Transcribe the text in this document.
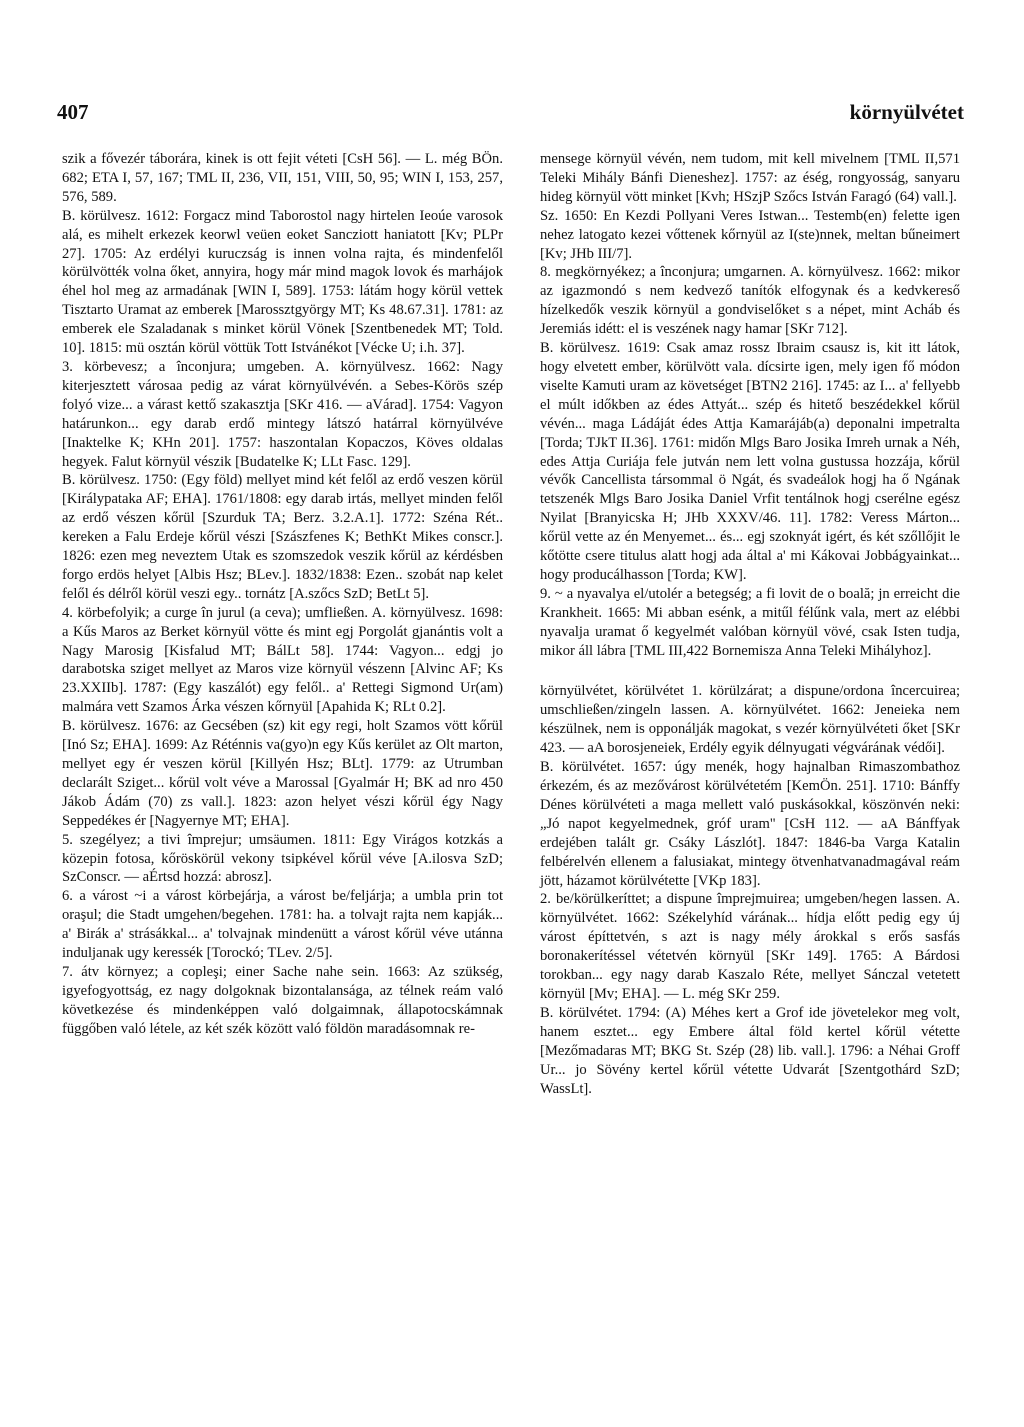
407	környülvétet

szik a fővezér táborára, kinek is ott fejit véteti [CsH 56]. — L. még BÖn. 682; ETA I, 57, 167; TML II, 236, VII, 151, VIII, 50, 95; WIN I, 153, 257, 576, 589.

B. körülvesz. 1612: Forgacz mind Taborostol nagy hirtelen Ieoúe varosok alá, es mihelt erkezek keorwl veüen eoket Sancziott haniatott [Kv; PLPr 27]. 1705: Az erdélyi kuruczság is innen volna rajta, és mindenfelől körülvötték volna őket, annyira, hogy már mind magok lovok és marhájok éhel hol meg az armadának [WIN I, 589]. 1753: látám hogy körül vettek Tisztarto Uramat az emberek [Marossztgyörgy MT; Ks 48.67.31]. 1781: az emberek ele Szaladanak s minket körül Vönek [Szentbenedek MT; Told. 10]. 1815: mü osztán körül vöttük Tott Istvánékot [Vécke U; i.h. 37].

3. körbevesz; a înconjura; umgeben. A. környülvesz. 1662: Nagy kiterjesztett városaa pedig az várat környülvévén. a Sebes-Körös szép folyó vize... a várast kettő szakasztja [SKr 416. — aVárad]. 1754: Vagyon határunkon... egy darab erdő mintegy látszó határral környülvéve [Inaktelke K; KHn 201]. 1757: haszontalan Kopaczos, Köves oldalas hegyek. Falut környül vészik [Budatelke K; LLt Fasc. 129].

B. körülvesz. 1750: (Egy föld) mellyet mind két felől az erdő veszen körül [Királypataka AF; EHA]. 1761/1808: egy darab irtás, mellyet minden felől az erdő vészen kőrül [Szurduk TA; Berz. 3.2.A.1]. 1772: Széna Rét.. kereken a Falu Erdeje kőrül vészi [Szászfenes K; BethKt Mikes conscr.]. 1826: ezen meg neveztem Utak es szomszedok veszik kőrül az kérdésben forgo erdös helyet [Albis Hsz; BLev.]. 1832/1838: Ezen.. szobát nap kelet felől és délről körül veszi egy.. tornátz [A.szőcs SzD; BetLt 5].

4. körbefolyik; a curge în jurul (a ceva); umfließen. A. környülvesz. 1698: a Kűs Maros az Berket környül vötte és mint egj Porgolát gjanántis volt a Nagy Marosig [Kisfalud MT; BálLt 58]. 1744: Vagyon... edgj jo darabotska sziget mellyet az Maros vize környül vészenn [Alvinc AF; Ks 23.XXIIb]. 1787: (Egy kaszálót) egy felől.. a' Rettegi Sigmond Ur(am) malmára vett Szamos Árka vészen kőrnyül [Apahida K; RLt 0.2].

B. körülvesz. 1676: az Gecsében (sz) kit egy regi, holt Szamos vött kőrül [Inó Sz; EHA]. 1699: Az Réténnis va(gyo)n egy Kűs kerület az Olt marton, mellyet egy ér veszen körül [Killyén Hsz; BLt]. 1779: az Utrumban declarált Sziget... kőrül volt véve a Marossal [Gyalmár H; BK ad nro 450 Jákob Ádám (70) zs vall.]. 1823: azon helyet vészi kőrül égy Nagy Seppedékes ér [Nagyernye MT; EHA].

5. szegélyez; a tivi împrejur; umsäumen. 1811: Egy Virágos kotzkás a közepin fotosa, kőröskörül vekony tsipkével kőrül véve [A.ilosva SzD; SzConscr. — aÉrtsd hozzá: abrosz].

6. a várost ~i a várost körbejárja, a várost be/feljárja; a umbla prin tot oraşul; die Stadt umgehen/begehen. 1781: ha. a tolvajt rajta nem kapják... a' Birák a' strásákkal... a' tolvajnak mindenütt a várost kőrül vévе utánna induljanak ugy keressék [Torockó; TLev. 2/5].

7. átv környez; a copleşi; einer Sache nahe sein. 1663: Az szükség, igyefogyottság, ez nagy dolgoknak bizontalansága, az télnek reám való következése és mindenképpen való dolgaimnak, állapotocskámnak függőben való lételе, az két szék között való földön maradásomnak re-

mensege környül vévén, nem tudom, mit kell mivelnem [TML II,571 Teleki Mihály Bánfi Dieneshez]. 1757: az éség, rongyosság, sanyaru hideg környül vött minket [Kvh; HSzjP Szőcs István Faragó (64) vall.].

Sz. 1650: En Kezdi Pollyani Veres Istwan... Testemb(en) felette igen nehez latogato kezei vőttenek kőrnyül az I(ste)nnek, meltan bűneimert [Kv; JHb III/7].

8. megkörnyékez; a înconjura; umgarnen. A. környülvesz. 1662: mikor az igazmondó s nem kedvező tanítók elfogynak és a kedvkereső hízelkedők veszik környül a gondviselőket s a népet, mint Acháb és Jeremiás idétt: el is veszének nagy hamar [SKr 712].

B. körülvesz. 1619: Csak amaz rossz Ibraim csausz is, kit itt látok, hogy elvetett ember, körülvött vala. dícsirte igen, mely igen fő módon viselte Kamuti uram az követséget [BTN2 216]. 1745: az I... a' fellyebb el múlt időkben az édes Attyát... szép és hitető beszédekkel kőrül vévén... maga Ládáját édes Attja Kamarájáb(a) deponalni impetralta [Torda; TJkT II.36]. 1761: midőn Mlgs Baro Josika Imreh urnak a Néh, edes Attja Curiája fele jutván nem lett volna gustussa hozzája, kőrül vévők Cancellista társommal ö Ngát, és svadeálok hogj ha ő Ngának tetszenék Mlgs Baro Josika Daniel Vrfit tentálnok hogj cserélne egész Nyilat [Branyicska H; JHb XXXV/46. 11]. 1782: Veress Márton... kőrül vette az én Menyemet... és... egj szoknyát igért, és két szőllőjit le kőtötte csere titulus alatt hogj ada által a' mi Kákovai Jobbágyainkat... hogy producálhasson [Torda; KW].

9. ~ a nyavalya el/utolér a betegség; a fi lovit de o boală; jn erreicht die Krankheit. 1665: Mi abban esénk, a mitűl félűnk vala, mert az elébbi nyavalja uramat ő kegyelmét valóban környül vövé, csak Isten tudja, mikor áll lábra [TML III,422 Bornemisza Anna Teleki Mihályhoz].

környülvétet, körülvétet 1. körülzárat; a dispune/ordona încercuirea; umschließen/zingeln lassen. A. környülvétet. 1662: Jeneieka nem készülnek, nem is opponálják magokat, s vezér környülvéteti őket [SKr 423. — aA borosjeneiek, Erdély egyik délnyugati végvárának védői].

B. körülvétet. 1657: úgy menék, hogy hajnalban Rimaszombathoz érkezém, és az mezővárost körülvétetém [KemÖn. 251]. 1710: Bánffy Dénes körülvéteti a maga mellett való puskásokkal, köszönvén neki: „Jó napot kegyelmednek, gróf uram" [CsH 112. — aA Bánffyak erdejében talált gr. Csáky Lászlót]. 1847: 1846-ba Varga Katalin felbérelvén ellenem a falusiakat, mintegy ötvenhatvanadmagával reám jött, házamot körülvétette [VKp 183].

2. be/körülkeríttet; a dispune împrejmuirea; umgeben/hegen lassen. A. környülvétet. 1662: Székelyhíd várának... hídja előtt pedig egy új várost építtetvén, s azt is nagy mély árokkal s erős sasfás boronakerítéssel vétetvén környül [SKr 149]. 1765: A Bárdosi torokban... egy nagy darab Kaszalo Réte, mellyet Sánczal vetetett környül [Mv; EHA]. — L. még SKr 259.

B. körülvétet. 1794: (A) Méhes kert a Grof ide jövetelekor meg volt, hanem esztet... egy Embere által föld kertel kőrül vétette [Mezőmadaras MT; BKG St. Szép (28) lib. vall.]. 1796: a Néhai Groff Ur... jo Sövény kertel kőrül vétette Udvarát [Szentgothárd SzD; WassLt].
